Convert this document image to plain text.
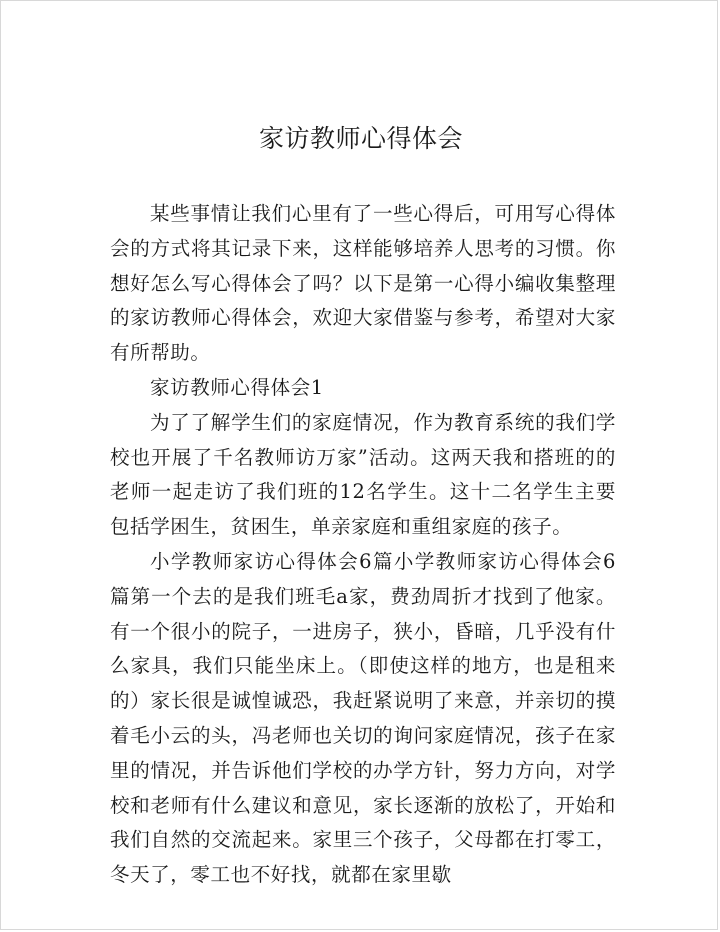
家访教师心得体会

某些事情让我们心里有了一些心得后，可用写心得体会的方式将其记录下来，这样能够培养人思考的习惯。你想好怎么写心得体会了吗？以下是第一心得小编收集整理的家访教师心得体会，欢迎大家借鉴与参考，希望对大家有所帮助。

家访教师心得体会1

为了了解学生们的家庭情况，作为教育系统的我们学校也开展了千名教师访万家”活动。这两天我和搭班的的老师一起走访了我们班的12名学生。这十二名学生主要包括学困生，贫困生，单亲家庭和重组家庭的孩子。

小学教师家访心得体会6篇小学教师家访心得体会6篇第一个去的是我们班毛a家，费劲周折才找到了他家。有一个很小的院子，一进房子，狭小，昏暗，几乎没有什么家具，我们只能坐床上。（即使这样的地方，也是租来的）家长很是诚惶诚恐，我赶紧说明了来意，并亲切的摸着毛小云的头，冯老师也关切的询问家庭情况，孩子在家里的情况，并告诉他们学校的办学方针，努力方向，对学校和老师有什么建议和意见，家长逐渐的放松了，开始和我们自然的交流起来。家里三个孩子，父母都在打零工，冬天了，零工也不好找，就都在家里歇
